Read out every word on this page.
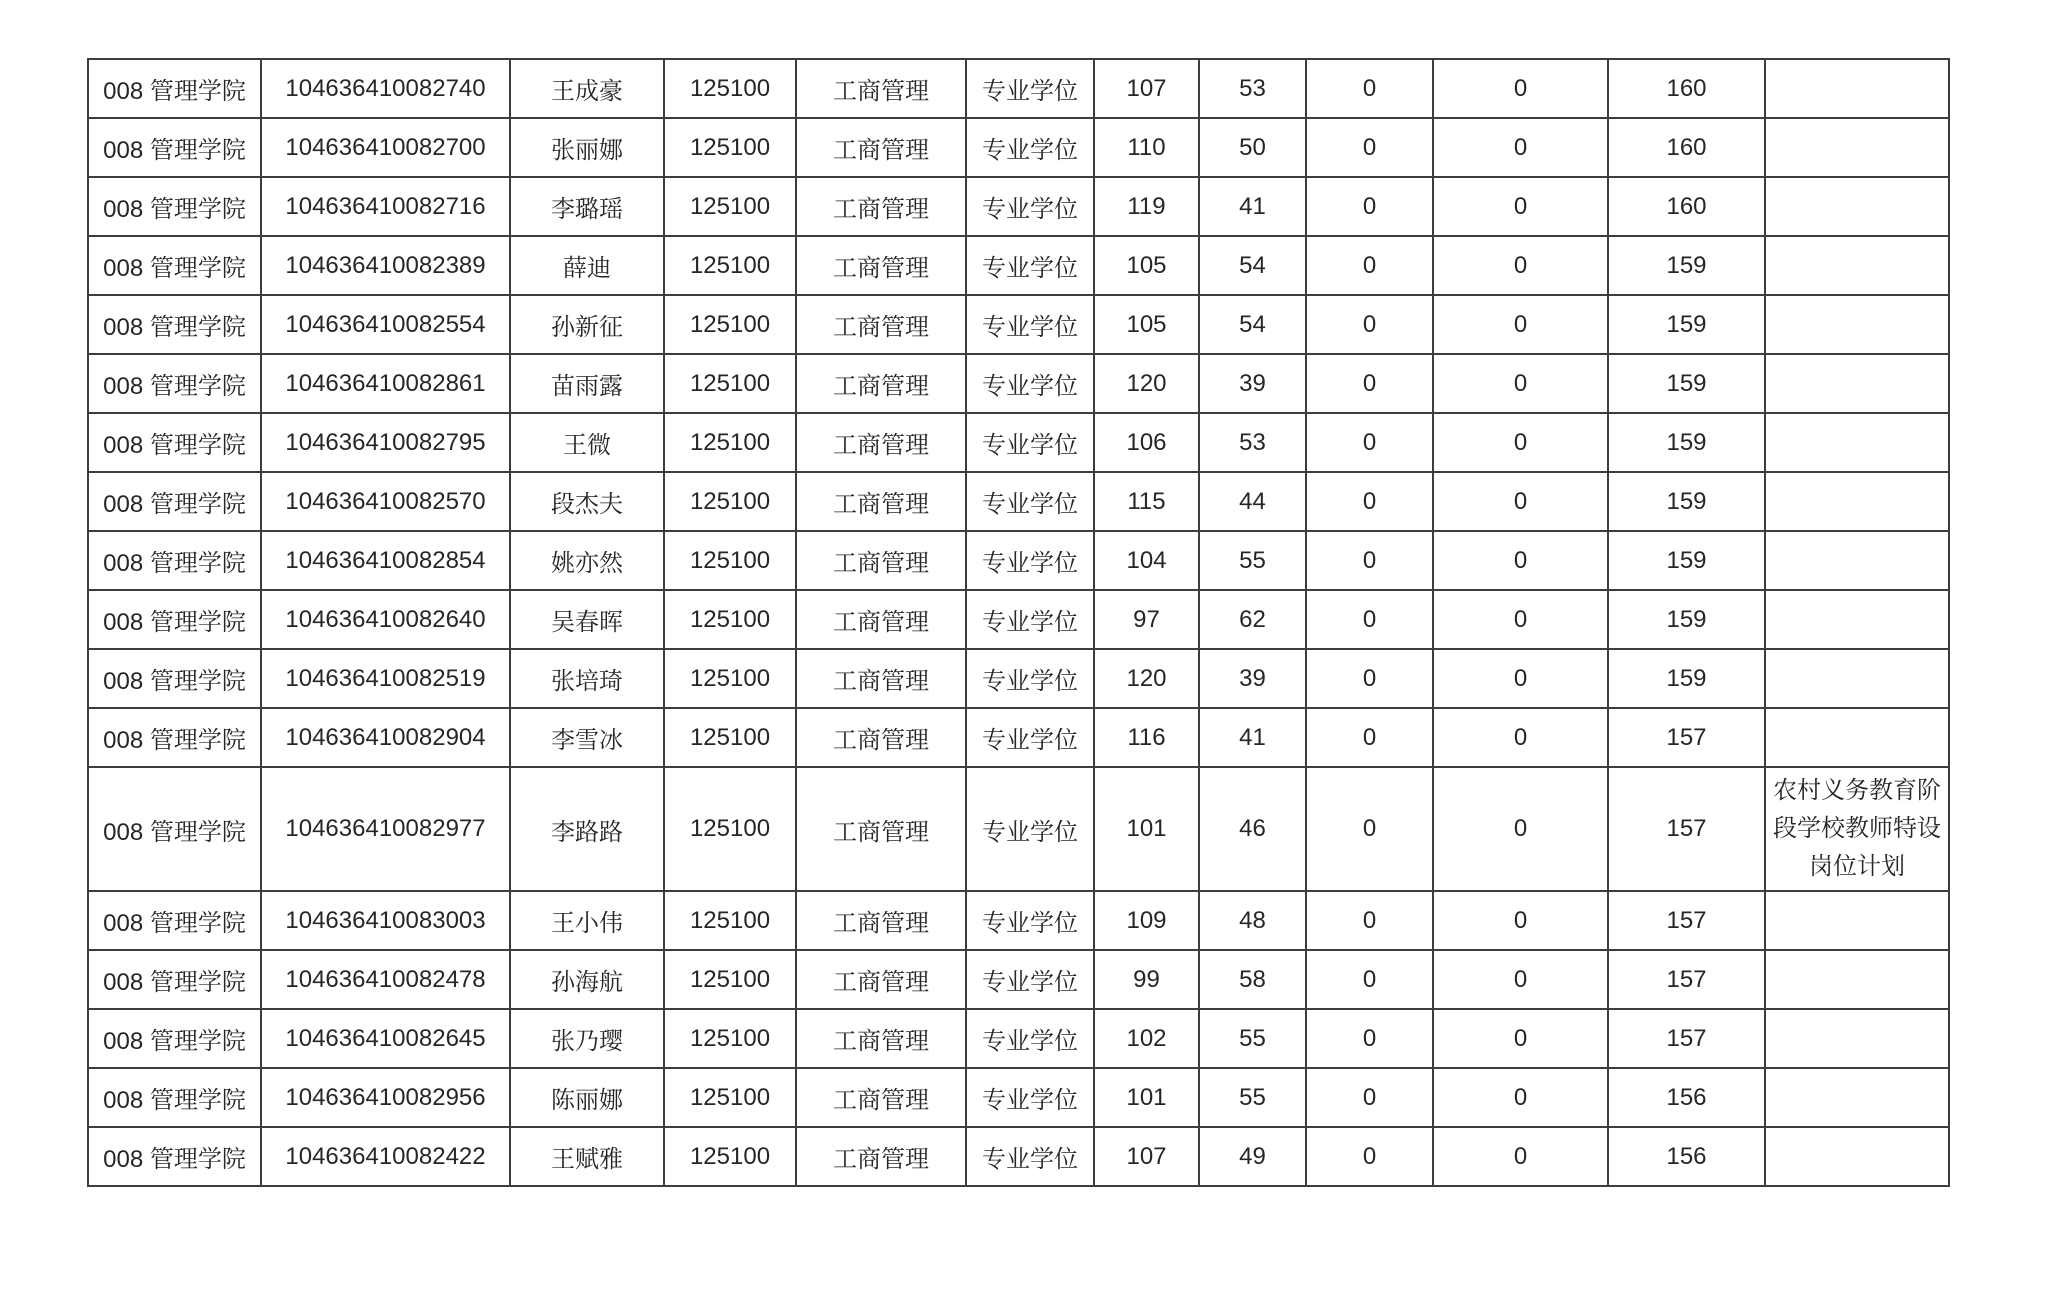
008 管理学院	104636410082740	王成豪	125100	工商管理	专业学位	107	53	0	0	160	
008 管理学院	104636410082700	张丽娜	125100	工商管理	专业学位	110	50	0	0	160	
008 管理学院	104636410082716	李璐瑶	125100	工商管理	专业学位	119	41	0	0	160	
008 管理学院	104636410082389	薛迪	125100	工商管理	专业学位	105	54	0	0	159	
008 管理学院	104636410082554	孙新征	125100	工商管理	专业学位	105	54	0	0	159	
008 管理学院	104636410082861	苗雨露	125100	工商管理	专业学位	120	39	0	0	159	
008 管理学院	104636410082795	王微	125100	工商管理	专业学位	106	53	0	0	159	
008 管理学院	104636410082570	段杰夫	125100	工商管理	专业学位	115	44	0	0	159	
008 管理学院	104636410082854	姚亦然	125100	工商管理	专业学位	104	55	0	0	159	
008 管理学院	104636410082640	吴春晖	125100	工商管理	专业学位	97	62	0	0	159	
008 管理学院	104636410082519	张培琦	125100	工商管理	专业学位	120	39	0	0	159	
008 管理学院	104636410082904	李雪冰	125100	工商管理	专业学位	116	41	0	0	157	
008 管理学院	104636410082977	李路路	125100	工商管理	专业学位	101	46	0	0	157	农村义务教育阶段学校教师特设岗位计划
008 管理学院	104636410083003	王小伟	125100	工商管理	专业学位	109	48	0	0	157	
008 管理学院	104636410082478	孙海航	125100	工商管理	专业学位	99	58	0	0	157	
008 管理学院	104636410082645	张乃璎	125100	工商管理	专业学位	102	55	0	0	157	
008 管理学院	104636410082956	陈丽娜	125100	工商管理	专业学位	101	55	0	0	156	
008 管理学院	104636410082422	王赋雅	125100	工商管理	专业学位	107	49	0	0	156	
